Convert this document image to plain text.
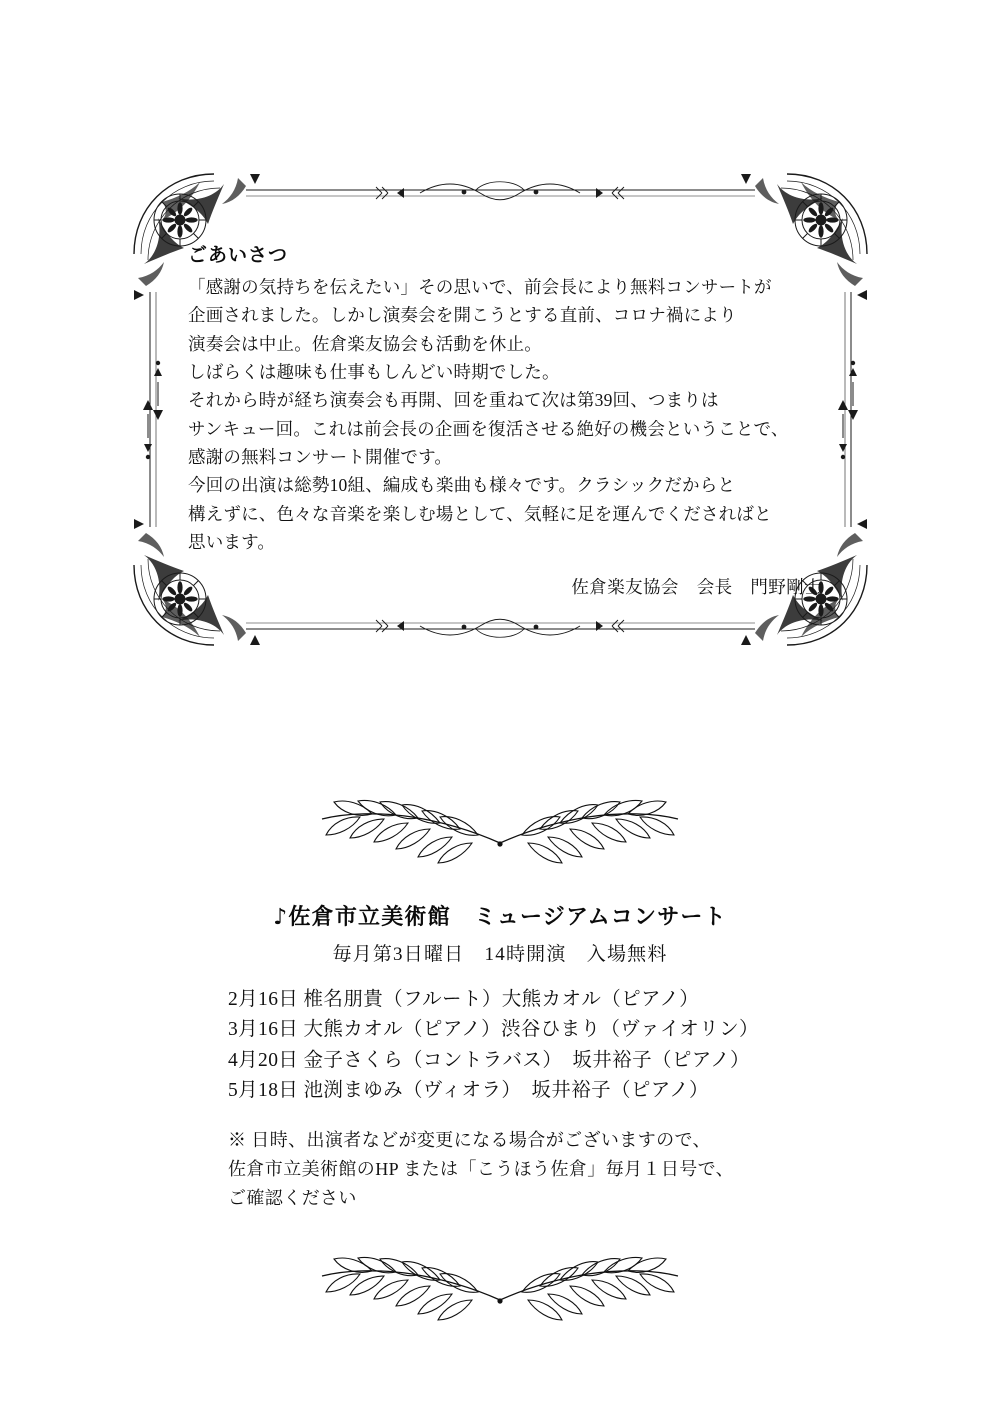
ごあいさつ

「感謝の気持ちを伝えたい」その思いで、前会長により無料コンサートが

企画されました。しかし演奏会を開こうとする直前、コロナ禍により

演奏会は中止。佐倉楽友協会も活動を休止。

しばらくは趣味も仕事もしんどい時期でした。

それから時が経ち演奏会も再開、回を重ねて次は第39回、つまりは

サンキュー回。これは前会長の企画を復活させる絶好の機会ということで、

感謝の無料コンサート開催です。

今回の出演は総勢10組、編成も楽曲も様々です。クラシックだからと

構えずに、色々な音楽を楽しむ場として、気軽に足を運んでくださればと

思います。

佐倉楽友協会　会長　門野剛士

♪佐倉市立美術館　ミュージアムコンサート

毎月第3日曜日　14時開演　入場無料

2月16日 椎名朋貴（フルート）大熊カオル（ピアノ）
3月16日 大熊カオル（ピアノ）渋谷ひまり（ヴァイオリン）
4月20日 金子さくら（コントラバス）　坂井裕子（ピアノ）
5月18日 池渕まゆみ（ヴィオラ）　坂井裕子（ピアノ）
※ 日時、出演者などが変更になる場合がございますので、
佐倉市立美術館のHP または「こうほう佐倉」毎月１日号で、
ご確認ください
